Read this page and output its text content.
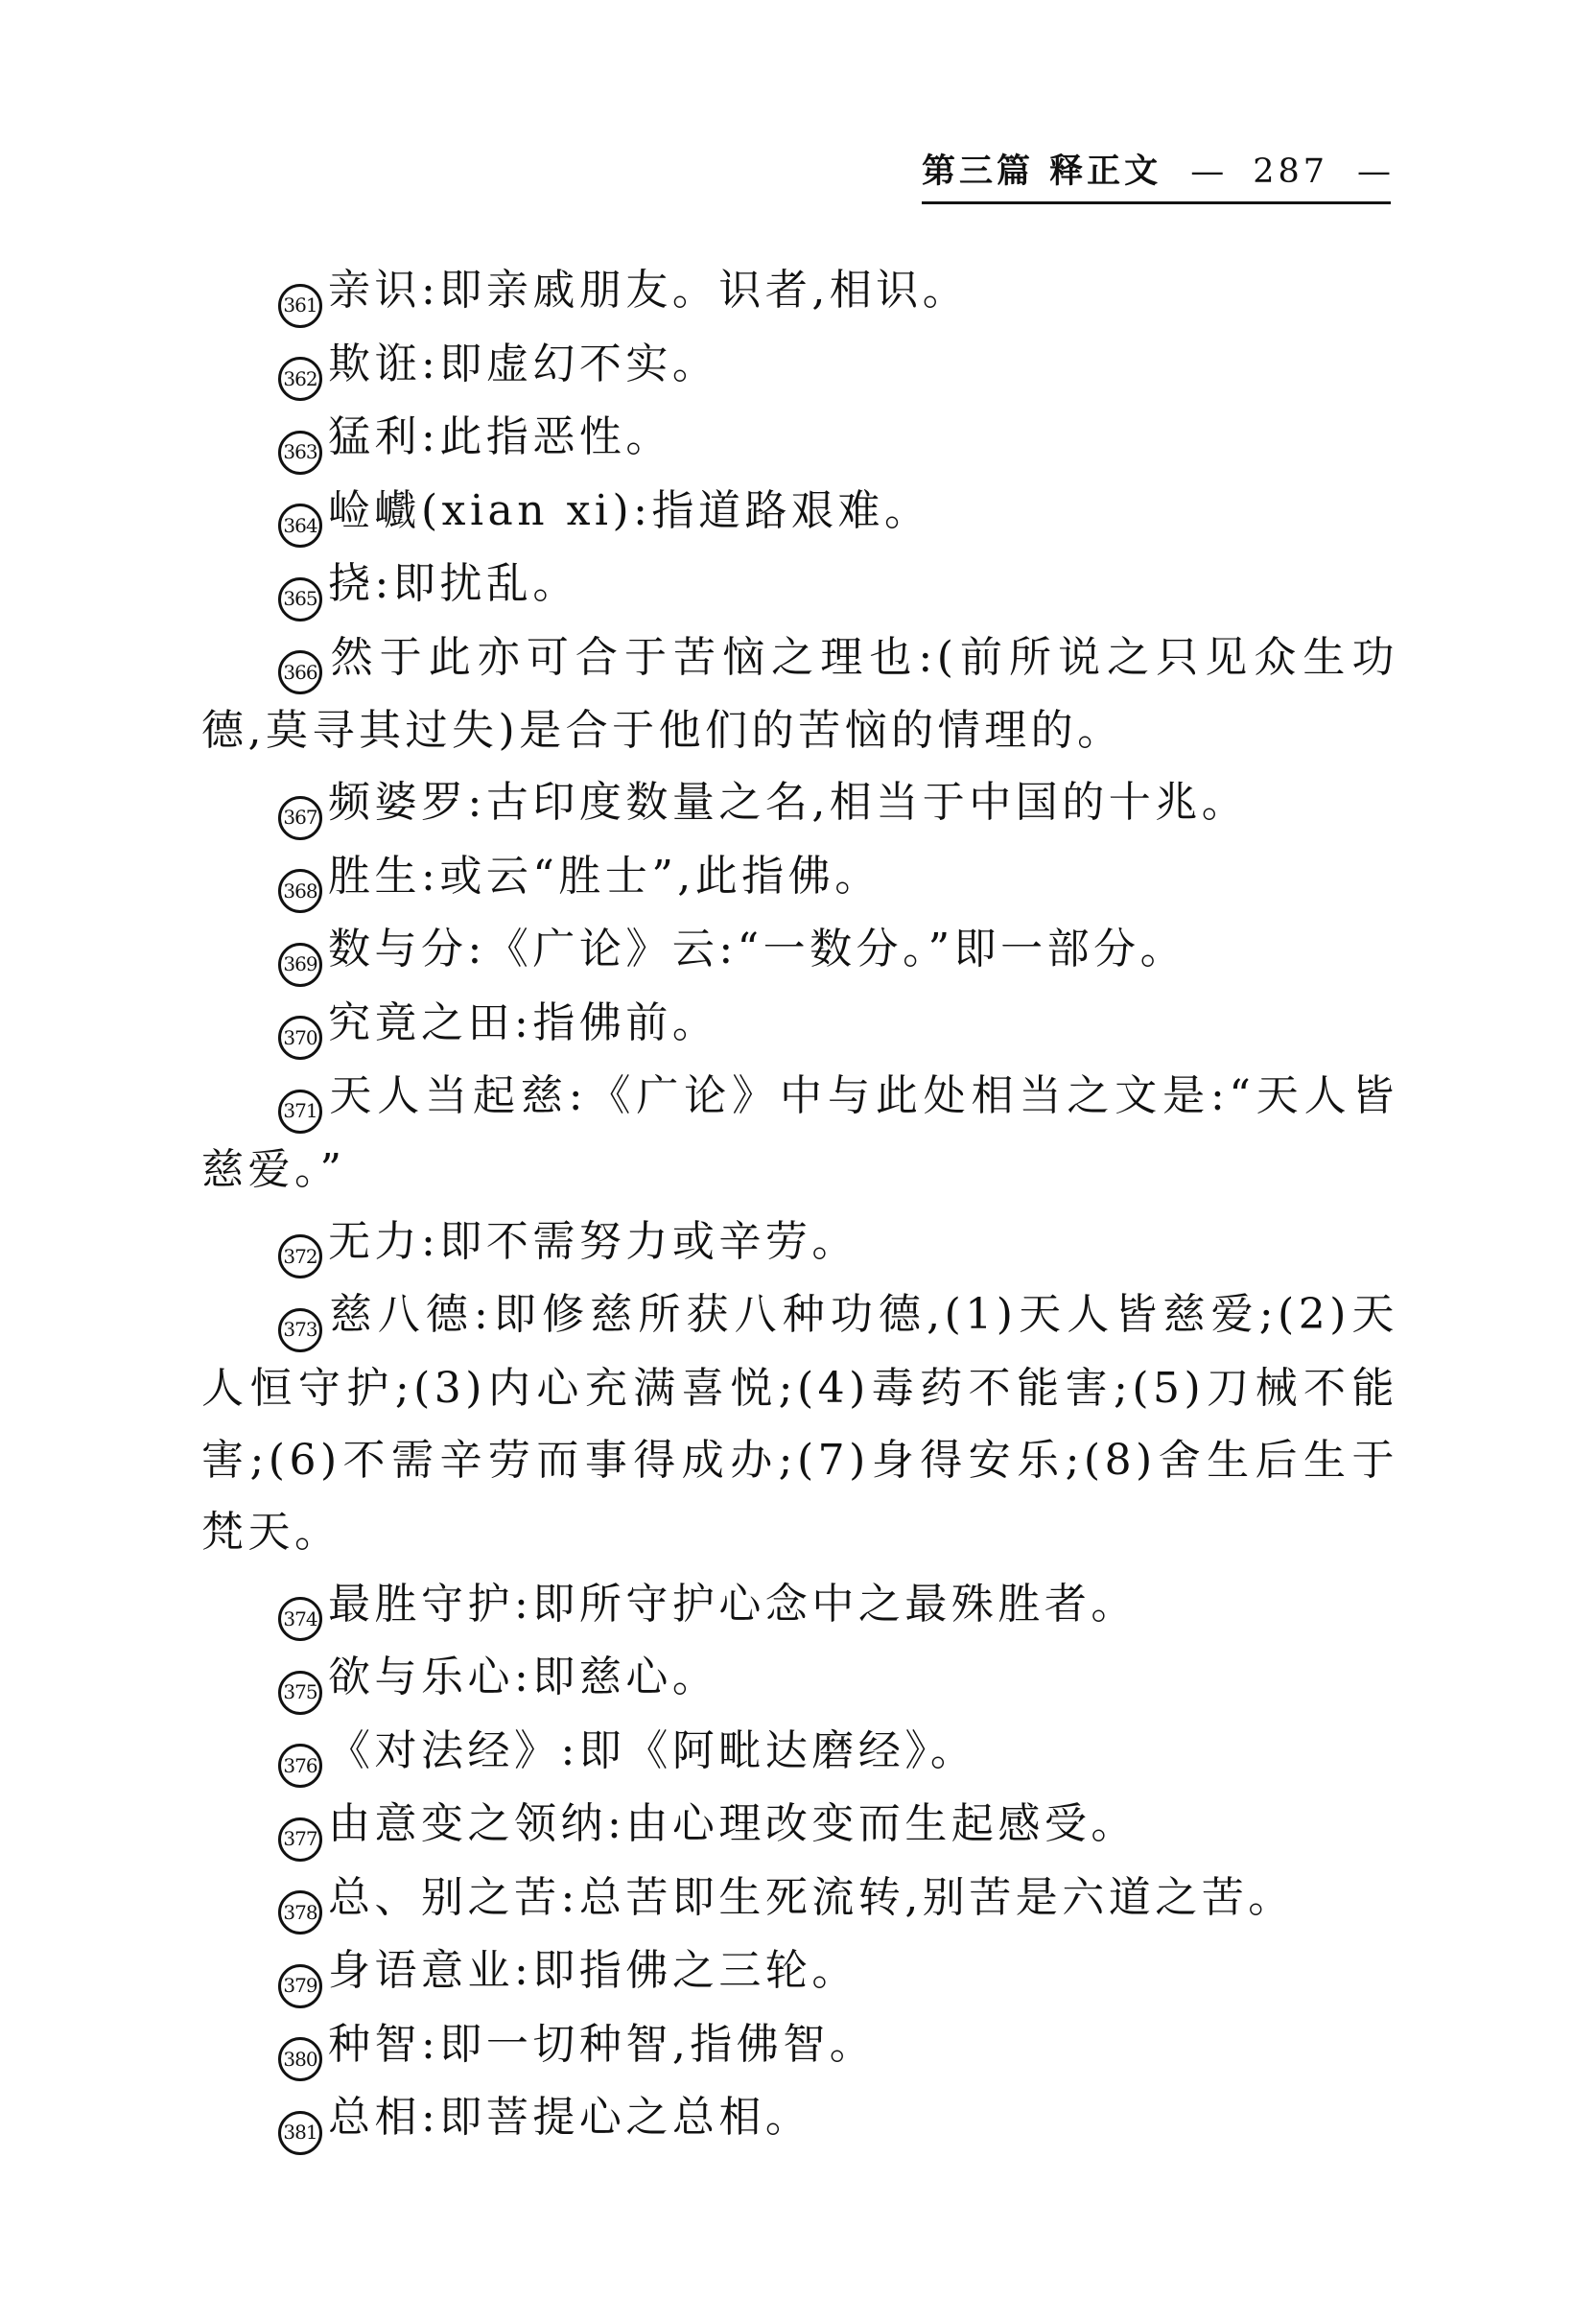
第三篇 释正文 — 287 —

361 亲识:即亲戚朋友。识者,相识。

362 欺诳:即虚幻不实。

363 猛利:此指恶性。

364 崄巇(xian xi):指道路艰难。

365 挠:即扰乱。

366 然于此亦可合于苦恼之理也:(前所说之只见众生功德,莫寻其过失)是合于他们的苦恼的情理的。

367 频婆罗:古印度数量之名,相当于中国的十兆。

368 胜生:或云“胜士”,此指佛。

369 数与分:《广论》云:“一数分。”即一部分。

370 究竟之田:指佛前。

371 天人当起慈:《广论》中与此处相当之文是:“天人皆慈爱。”

372 无力:即不需努力或辛劳。

373 慈八德:即修慈所获八种功德,(1)天人皆慈爱;(2)天人恒守护;(3)内心充满喜悦;(4)毒药不能害;(5)刀械不能害;(6)不需辛劳而事得成办;(7)身得安乐;(8)舍生后生于梵天。

374 最胜守护:即所守护心念中之最殊胜者。

375 欲与乐心:即慈心。

376 《对法经》:即《阿毗达磨经》。

377 由意变之领纳:由心理改变而生起感受。

378 总、别之苦:总苦即生死流转,别苦是六道之苦。

379 身语意业:即指佛之三轮。

380 种智:即一切种智,指佛智。

381 总相:即菩提心之总相。
